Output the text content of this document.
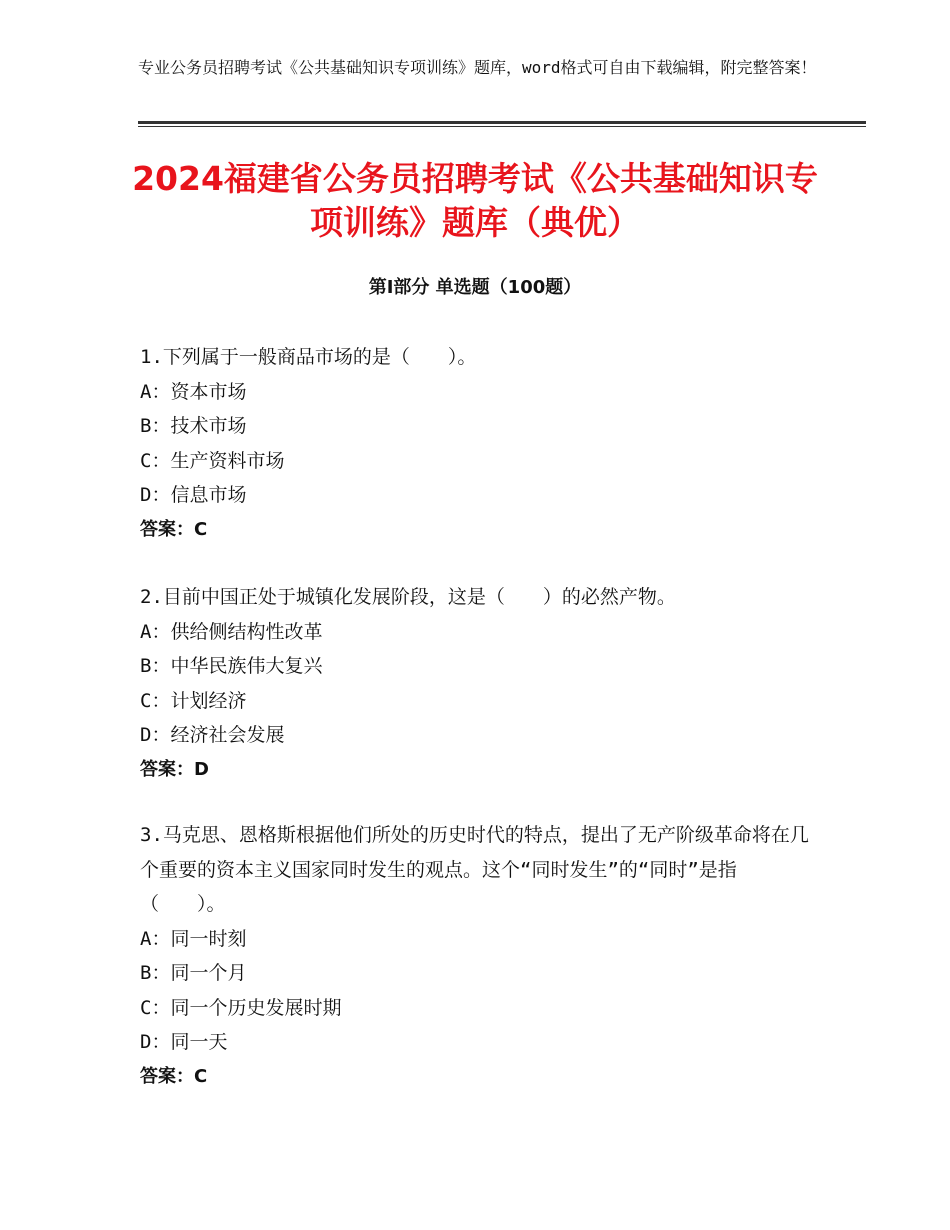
专业公务员招聘考试《公共基础知识专项训练》题库，word格式可自由下载编辑，附完整答案！
2024福建省公务员招聘考试《公共基础知识专项训练》题库（典优）
第Ⅰ部分 单选题（100题）

1.下列属于一般商品市场的是（　　）。

A：资本市场

B：技术市场

C：生产资料市场

D：信息市场

答案：C

2.目前中国正处于城镇化发展阶段，这是（　　）的必然产物。

A：供给侧结构性改革

B：中华民族伟大复兴

C：计划经济

D：经济社会发展

答案：D

3.马克思、恩格斯根据他们所处的历史时代的特点，提出了无产阶级革命将在几个重要的资本主义国家同时发生的观点。这个“同时发生”的“同时”是指（　　）。

A：同一时刻

B：同一个月

C：同一个历史发展时期

D：同一天

答案：C
